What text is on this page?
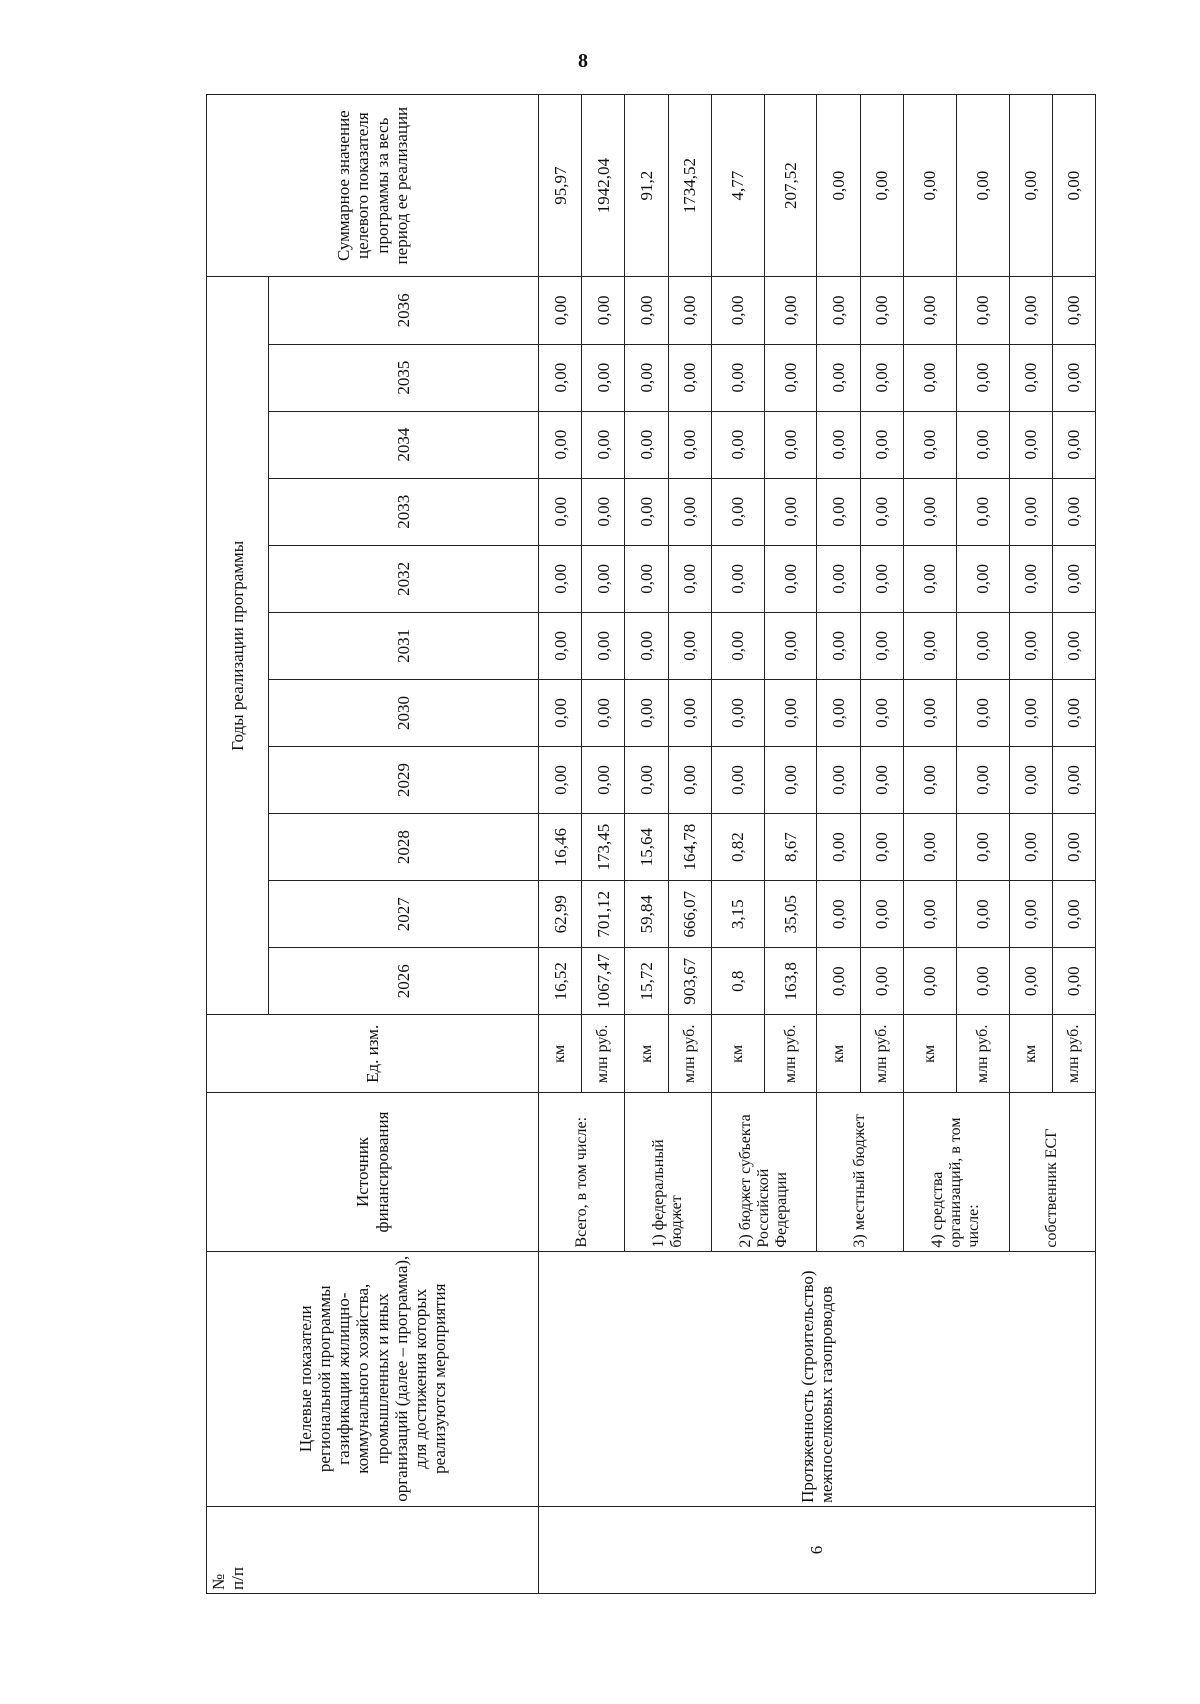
8
№
п/п	Целевые показатели региональной программы газификации жилищно-коммунального хозяйства, промышленных и иных организаций (далее – программа), для достижения которых реализуются мероприятия	Источник финансирования	Ед. изм.	Годы реализации программы											Суммарное значение целевого показателя программы за весь период ее реализации
				2026	2027	2028	2029	2030	2031	2032	2033	2034	2035	2036	
6	Протяженность (строительство) межпоселковых газопроводов	Всего, в том числе:	км	16,52	62,99	16,46	0,00	0,00	0,00	0,00	0,00	0,00	0,00	0,00	95,97
			млн руб.	1067,47	701,12	173,45	0,00	0,00	0,00	0,00	0,00	0,00	0,00	0,00	1942,04
		1) федеральный бюджет	км	15,72	59,84	15,64	0,00	0,00	0,00	0,00	0,00	0,00	0,00	0,00	91,2
			млн руб.	903,67	666,07	164,78	0,00	0,00	0,00	0,00	0,00	0,00	0,00	0,00	1734,52
		2) бюджет субъекта Российской Федерации	км	0,8	3,15	0,82	0,00	0,00	0,00	0,00	0,00	0,00	0,00	0,00	4,77
			млн руб.	163,8	35,05	8,67	0,00	0,00	0,00	0,00	0,00	0,00	0,00	0,00	207,52
		3) местный бюджет	км	0,00	0,00	0,00	0,00	0,00	0,00	0,00	0,00	0,00	0,00	0,00	0,00
			млн руб.	0,00	0,00	0,00	0,00	0,00	0,00	0,00	0,00	0,00	0,00	0,00	0,00
		4) средства организаций, в том числе:	км	0,00	0,00	0,00	0,00	0,00	0,00	0,00	0,00	0,00	0,00	0,00	0,00
			млн руб.	0,00	0,00	0,00	0,00	0,00	0,00	0,00	0,00	0,00	0,00	0,00	0,00
		собственник ЕСГ	км	0,00	0,00	0,00	0,00	0,00	0,00	0,00	0,00	0,00	0,00	0,00	0,00
			млн руб.	0,00	0,00	0,00	0,00	0,00	0,00	0,00	0,00	0,00	0,00	0,00	0,00
